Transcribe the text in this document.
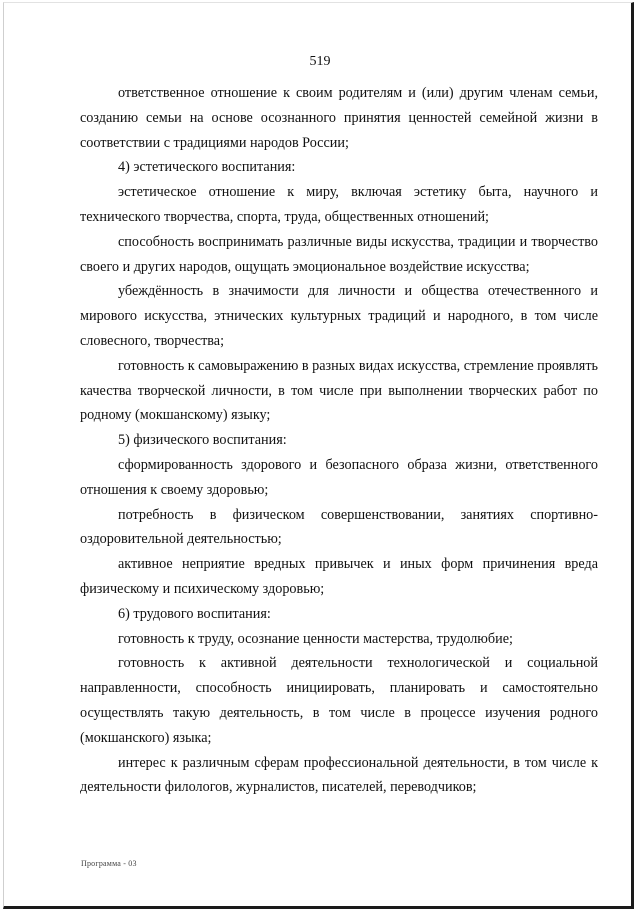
519

ответственное отношение к своим родителям и (или) другим членам семьи, созданию семьи на основе осознанного принятия ценностей семейной жизни в соответствии с традициями народов России;

4) эстетического воспитания:

эстетическое отношение к миру, включая эстетику быта, научного и технического творчества, спорта, труда, общественных отношений;

способность воспринимать различные виды искусства, традиции и творчество своего и других народов, ощущать эмоциональное воздействие искусства;

убеждённость в значимости для личности и общества отечественного и мирового искусства, этнических культурных традиций и народного, в том числе словесного, творчества;

готовность к самовыражению в разных видах искусства, стремление проявлять качества творческой личности, в том числе при выполнении творческих работ по родному (мокшанскому) языку;

5) физического воспитания:

сформированность здорового и безопасного образа жизни, ответственного отношения к своему здоровью;

потребность в физическом совершенствовании, занятиях спортивно-оздоровительной деятельностью;

активное неприятие вредных привычек и иных форм причинения вреда физическому и психическому здоровью;

6) трудового воспитания:

готовность к труду, осознание ценности мастерства, трудолюбие;

готовность к активной деятельности технологической и социальной направленности, способность инициировать, планировать и самостоятельно осуществлять такую деятельность, в том числе в процессе изучения родного (мокшанского) языка;

интерес к различным сферам профессиональной деятельности, в том числе к деятельности филологов, журналистов, писателей, переводчиков;

Программа - 03
